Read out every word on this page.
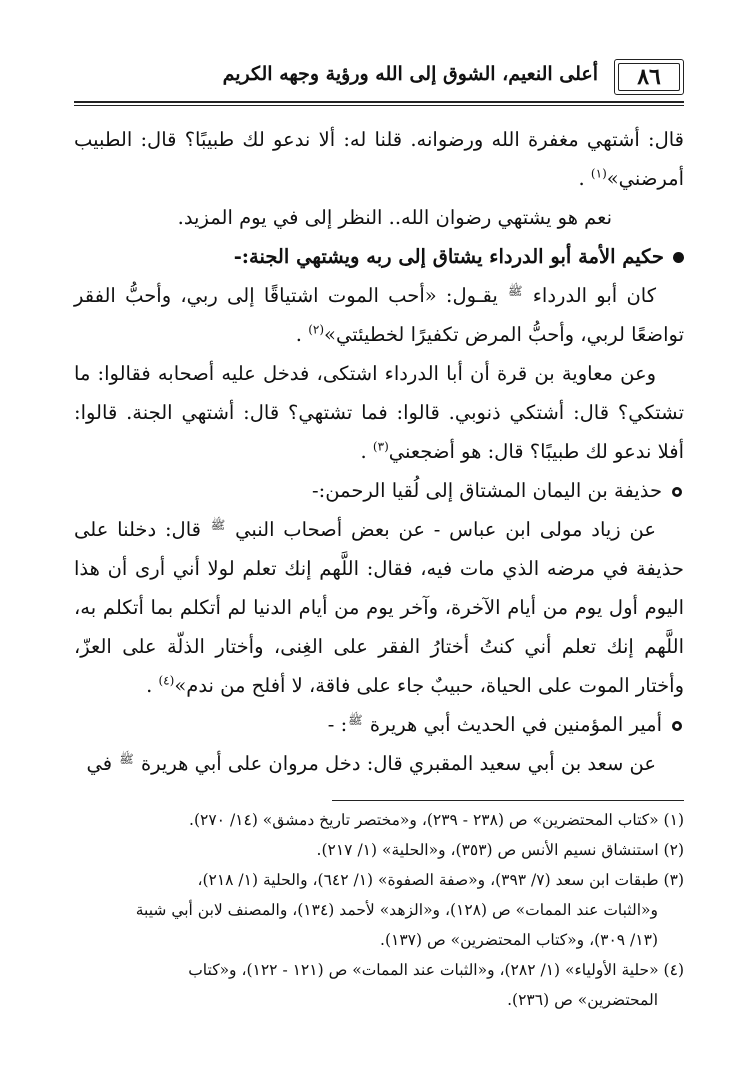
٨٦
أعلى النعيم، الشوق إلى الله ورؤية وجهه الكريم

قال: أشتهي مغفرة الله ورضوانه. قلنا له: ألا ندعو لك طبيبًا؟ قال: الطبيب أمرضني»$^{(١)}$ .

نعم هو يشتهي رضوان الله.. النظر إلى في يوم المزيد.

حكيم الأمة أبو الدرداء يشتاق إلى ربه ويشتهي الجنة:-

كان أبو الدرداء $^ﷺ$ يقـول: «أحب الموت اشتياقًا إلى ربي، وأحبُّ الفقر تواضعًا لربي، وأحبُّ المرض تكفيرًا لخطيئتي»$^{(٢)}$ .

وعن معاوية بن قرة أن أبا الدرداء اشتكى، فدخل عليه أصحابه فقالوا: ما تشتكي؟ قال: أشتكي ذنوبي. قالوا: فما تشتهي؟ قال: أشتهي الجنة. قالوا: أفلا ندعو لك طبيبًا؟ قال: هو أضجعني$^{(٣)}$ .

حذيفة بن اليمان المشتاق إلى لُقيا الرحمن:-

عن زياد مولى ابن عباس - عن بعض أصحاب النبي $^ﷺ$ قال: دخلنا على حذيفة في مرضه الذي مات فيه، فقال: اللَّهم إنك تعلم لولا أني أرى أن هذا اليوم أول يوم من أيام الآخرة، وآخر يوم من أيام الدنيا لم أتكلم بما أتكلم به، اللَّهم إنك تعلم أني كنتُ أختارُ الفقر على الغِنى، وأختار الذلّة على العزّ، وأختار الموت على الحياة، حبيبٌ جاء على فاقة، لا أفلح من ندم»$^{(٤)}$ .

أمير المؤمنين في الحديث أبي هريرة $^ﷺ$: -

عن سعد بن أبي سعيد المقبري قال: دخل مروان على أبي هريرة $^ﷺ$ في

(١) «كتاب المحتضرين» ص (٢٣٨ - ٢٣٩)، و«مختصر تاريخ دمشق» (١٤/ ٢٧٠).

(٢) استنشاق نسيم الأنس ص (٣٥٣)، و«الحلية» (١/ ٢١٧).

(٣) طبقات ابن سعد (٧/ ٣٩٣)، و«صفة الصفوة» (١/ ٦٤٢)، والحلية (١/ ٢١٨)،

و«الثبات عند الممات» ص (١٢٨)، و«الزهد» لأحمد (١٣٤)، والمصنف لابن أبي شيبة

(١٣/ ٣٠٩)، و«كتاب المحتضرين» ص (١٣٧).

(٤) «حلية الأولياء» (١/ ٢٨٢)، و«الثبات عند الممات» ص (١٢١ - ١٢٢)، و«كتاب

المحتضرين» ص (٢٣٦).
